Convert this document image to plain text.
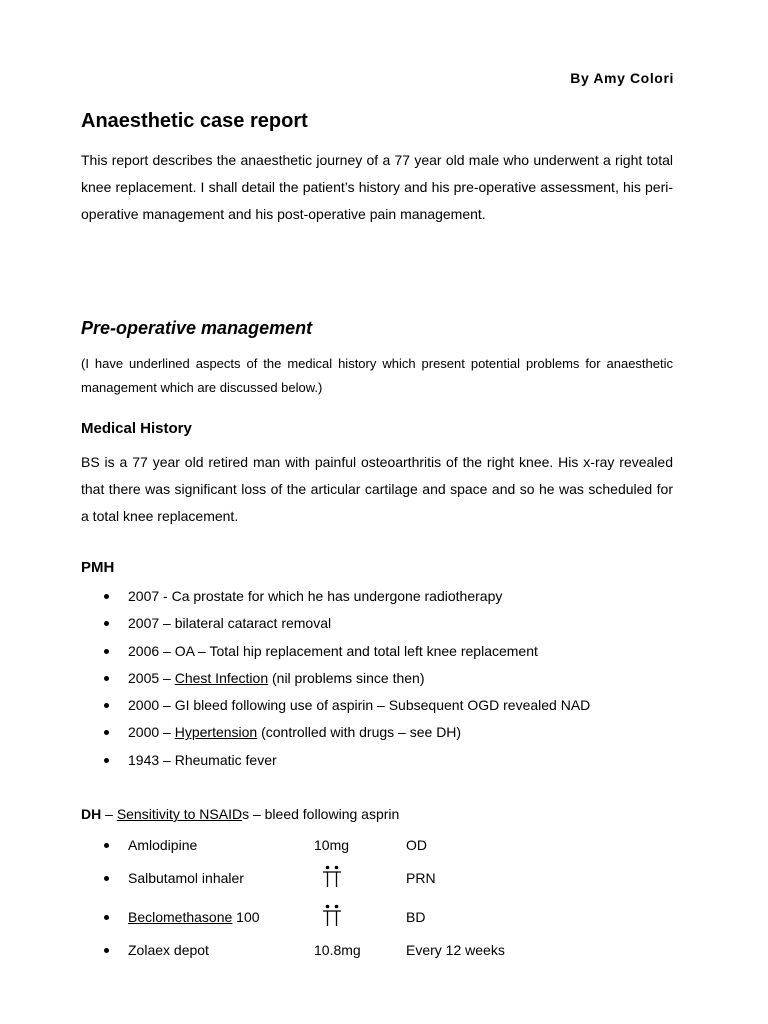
By Amy Colori
Anaesthetic case report

This report describes the anaesthetic journey of a 77 year old male who underwent a right total knee replacement. I shall detail the patient’s history and his pre-operative assessment, his peri-operative management and his post-operative pain management.

Pre-operative management

(I have underlined aspects of the medical history which present potential problems for anaesthetic management which are discussed below.)

Medical History

BS is a 77 year old retired man with painful osteoarthritis of the right knee. His x-ray revealed that there was significant loss of the articular cartilage and space and so he was scheduled for a total knee replacement.

PMH
2007 - Ca prostate for which he has undergone radiotherapy
2007 – bilateral cataract removal
2006 – OA – Total hip replacement and total left knee replacement
2005 – Chest Infection (nil problems since then)
2000 – GI bleed following use of aspirin – Subsequent OGD revealed NAD
2000 – Hypertension (controlled with drugs – see DH)
1943 – Rheumatic fever
DH – Sensitivity to NSAIDs – bleed following asprin
Amlodipine	10mg	OD
Salbutamol inhaler	PRN
Beclomethasone 100	BD
Zolaex depot	10.8mg	Every 12 weeks
